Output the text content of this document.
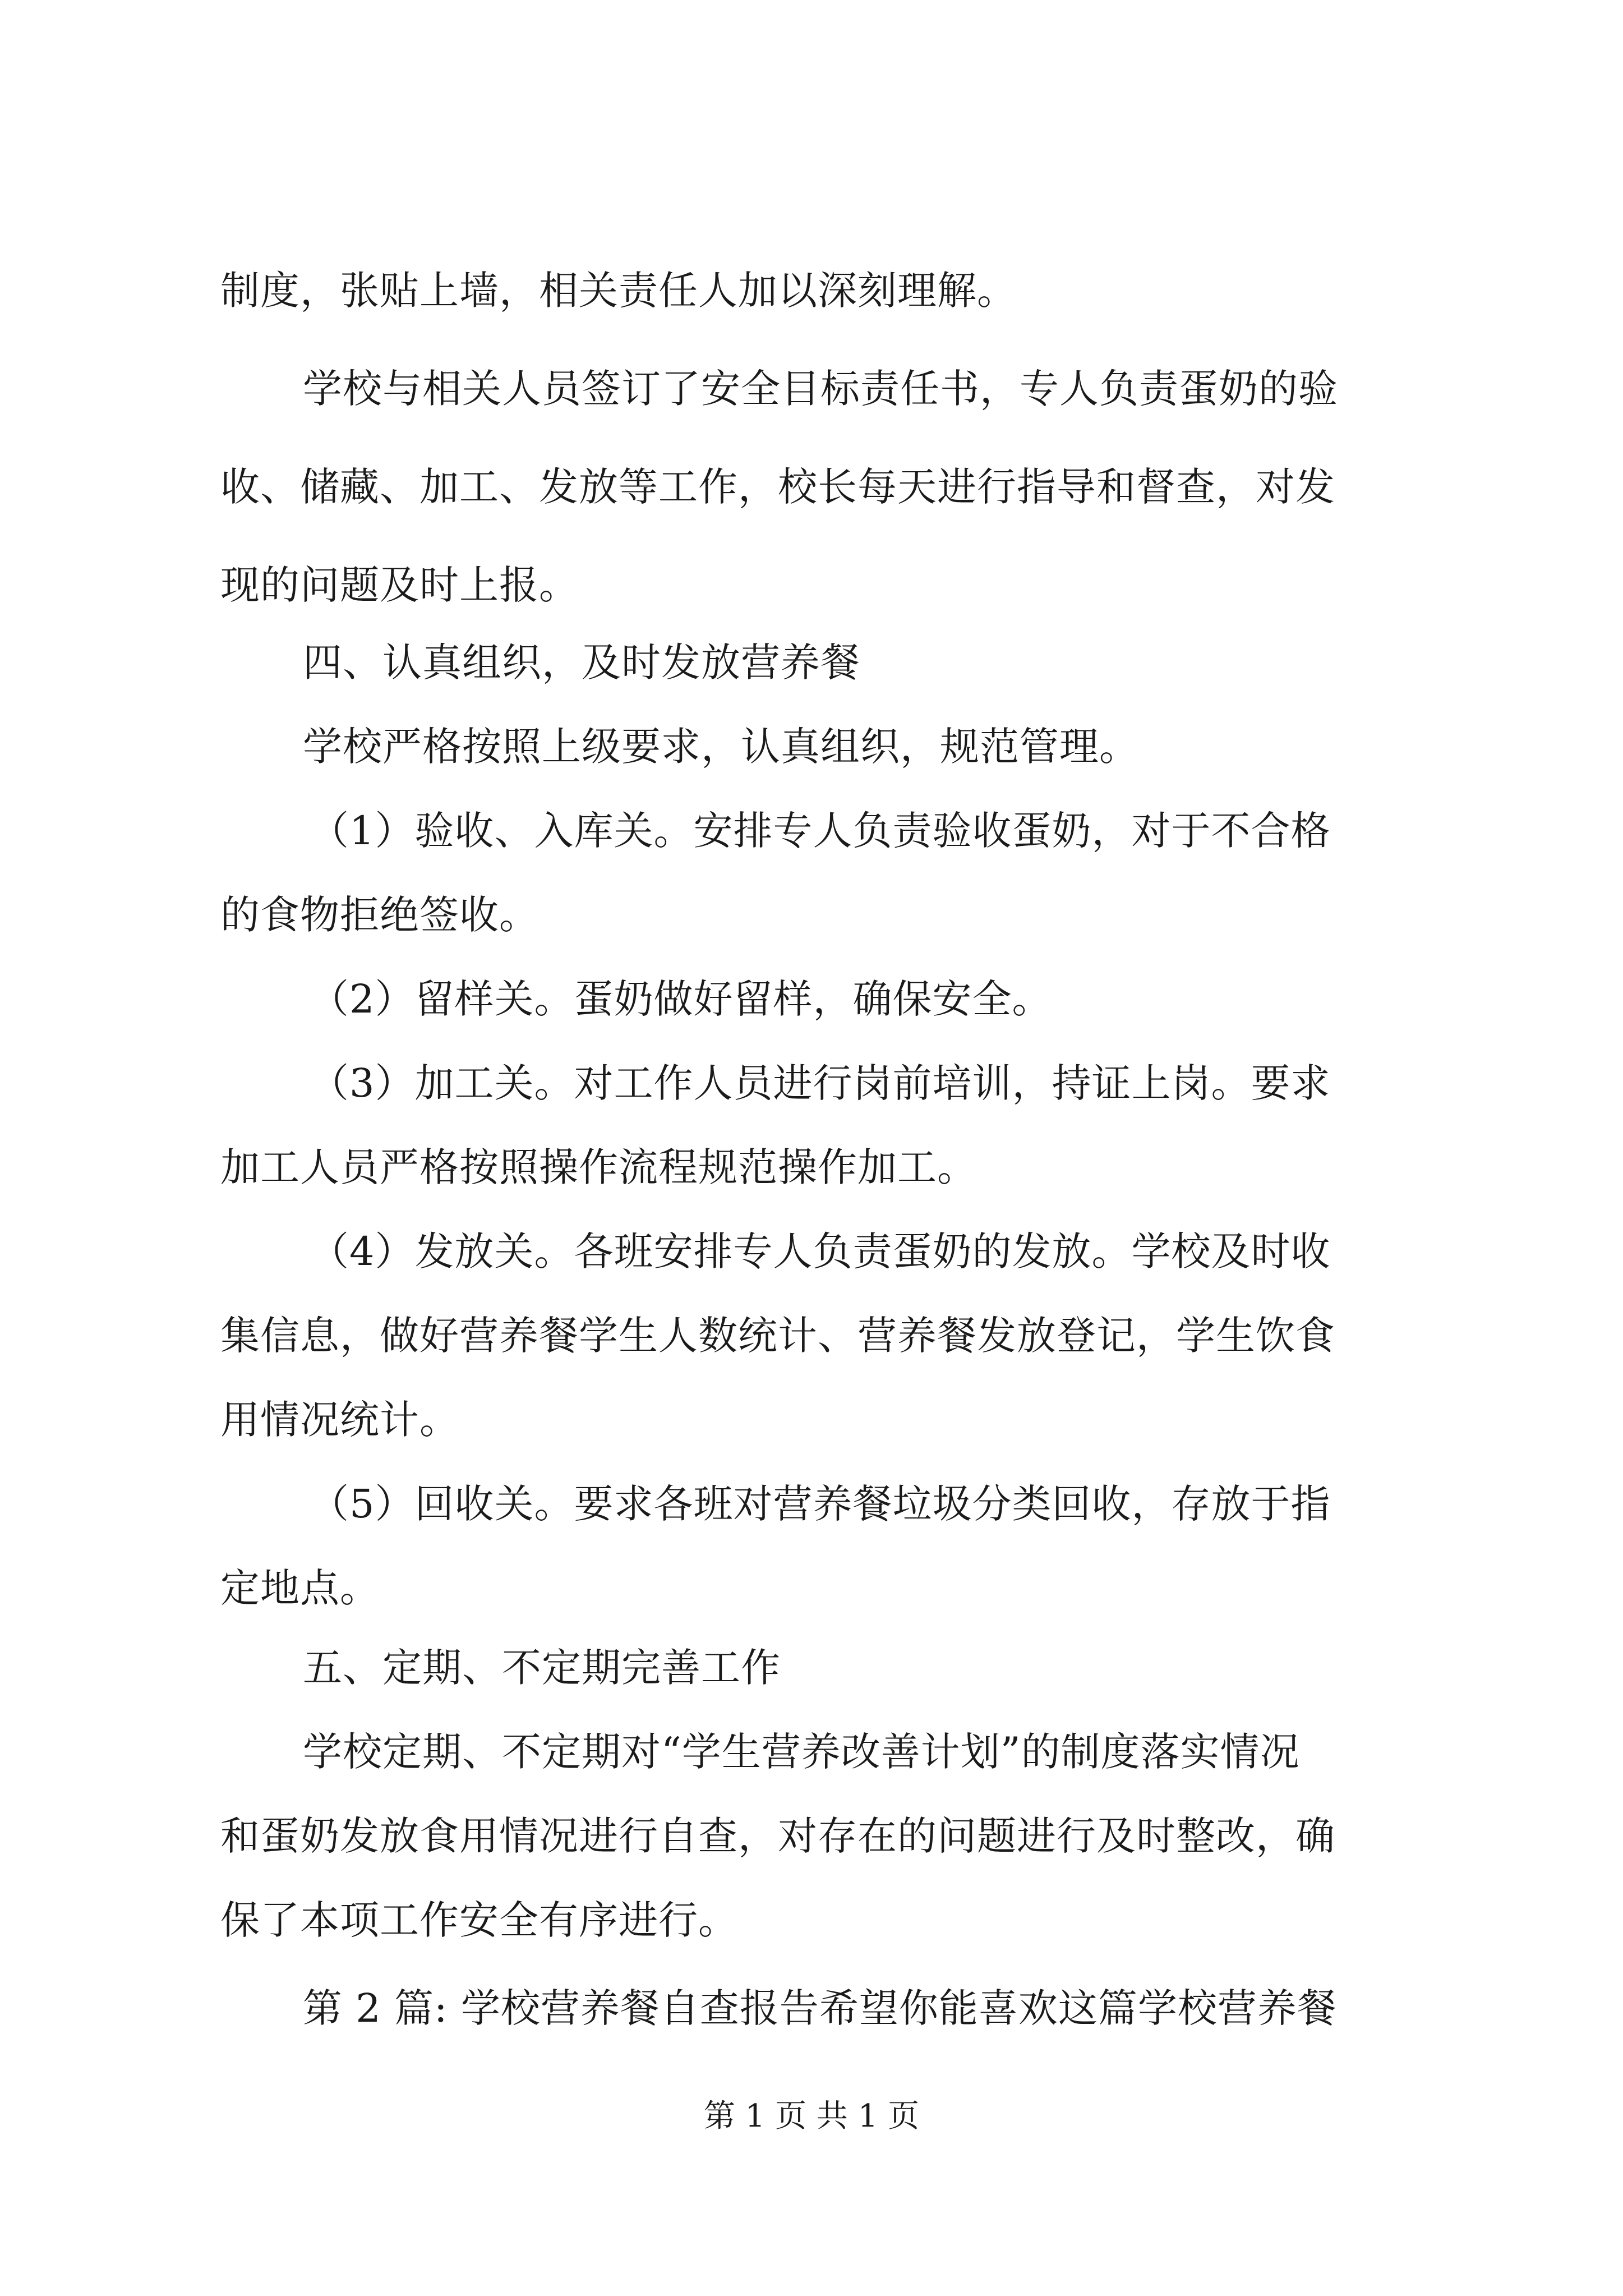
制度，张贴上墙，相关责任人加以深刻理解。
学校与相关人员签订了安全目标责任书，专人负责蛋奶的验
收、储藏、加工、发放等工作，校长每天进行指导和督查，对发
现的问题及时上报。
四、认真组织，及时发放营养餐
学校严格按照上级要求，认真组织，规范管理。
（1）验收、入库关。安排专人负责验收蛋奶，对于不合格
的食物拒绝签收。
（2）留样关。蛋奶做好留样，确保安全。
（3）加工关。对工作人员进行岗前培训，持证上岗。要求
加工人员严格按照操作流程规范操作加工。
（4）发放关。各班安排专人负责蛋奶的发放。学校及时收
集信息，做好营养餐学生人数统计、营养餐发放登记，学生饮食
用情况统计。
（5）回收关。要求各班对营养餐垃圾分类回收，存放于指
定地点。
五、定期、不定期完善工作
学校定期、不定期对“学生营养改善计划”的制度落实情况
和蛋奶发放食用情况进行自查，对存在的问题进行及时整改，确
保了本项工作安全有序进行。
第 2 篇: 学校营养餐自查报告希望你能喜欢这篇学校营养餐
第 1 页 共 1 页
